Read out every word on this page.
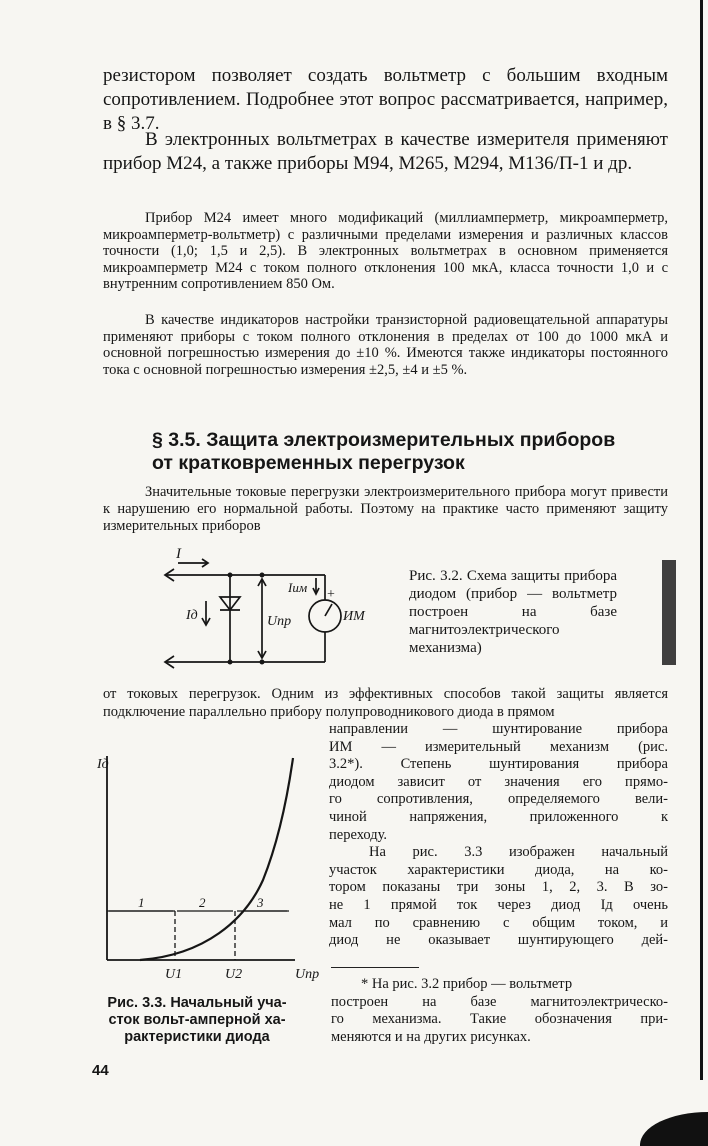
резистором позволяет создать вольтметр с большим входным сопротивлением. Подробнее этот вопрос рассматривается, например, в § 3.7.

В электронных вольтметрах в качестве измерителя применяют прибор М24, а также приборы М94, М265, М294, М136/П-1 и др.

Прибор М24 имеет много модификаций (миллиамперметр, микроамперметр, микроамперметр-вольтметр) с различными пределами измерения и различных классов точности (1,0; 1,5 и 2,5). В электронных вольтметрах в основном применяется микроамперметр М24 с током полного отклонения 100 мкА, класса точности 1,0 и с внутренним сопротивлением 850 Ом.

В качестве индикаторов настройки транзисторной радиовещательной аппаратуры применяют приборы с током полного отклонения в пределах от 100 до 1000 мкА и основной погрешностью измерения до ±10 %. Имеются также индикаторы постоянного тока с основной погрешностью измерения ±2,5, ±4 и ±5 %.

§ 3.5. Защита электроизмерительных приборов
от кратковременных перегрузок

Значительные токовые перегрузки электроизмерительного прибора могут привести к нарушению его нормальной работы. Поэтому на практике часто применяют защиту измерительных приборов

I
Iд	Uпр
Iим +
ИМ

Рис. 3.2. Схема защиты прибора диодом (прибор — вольтметр построен на базе магнитоэлектрического механизма)

от токовых перегрузок. Одним из эффективных способов такой защиты является подключение параллельно прибору полупроводникового диода в прямом

направлении — шунтирование прибора
ИМ — измерительный механизм (рис.
3.2*). Степень шунтирования прибора
диодом зависит от значения его прямо-
го сопротивления, определяемого вели-
чиной напряжения, приложенного к
переходу.
На рис. 3.3 изображен начальный
участок характеристики диода, на ко-
тором показаны три зоны 1, 2, 3. В зо-
не 1 прямой ток через диод Iд очень
мал по сравнению с общим током, и
диод не оказывает шунтирующего дей-
Iд
1	2	3
U1	U2	Uпр
Рис. 3.3. Начальный уча-
сток вольт-амперной ха-
рактеристики диода
* На рис. 3.2 прибор — вольтметр
построен на базе магнитоэлектрическо-
го механизма. Такие обозначения при-
меняются и на других рисунках.
44
